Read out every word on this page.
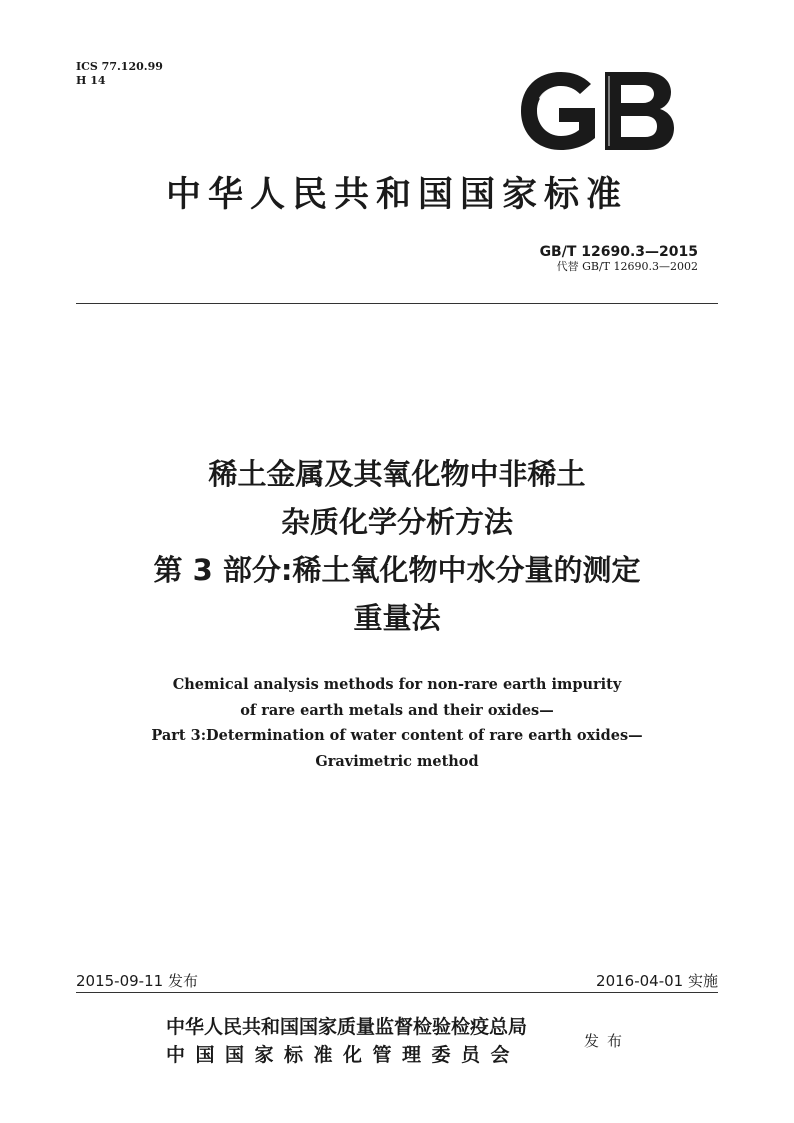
ICS 77.120.99
H 14
中华人民共和国国家标准
GB/T 12690.3—2015
代替 GB/T 12690.3—2002
稀土金属及其氧化物中非稀土
杂质化学分析方法
第 3 部分:稀土氧化物中水分量的测定
重量法
Chemical analysis methods for non-rare earth impurity
of rare earth metals and their oxides—
Part 3:Determination of water content of rare earth oxides—
Gravimetric method
2015-09-11 发布	2016-04-01 实施
中华人民共和国国家质量监督检验检疫总局
中国国家标准化管理委员会
发布
